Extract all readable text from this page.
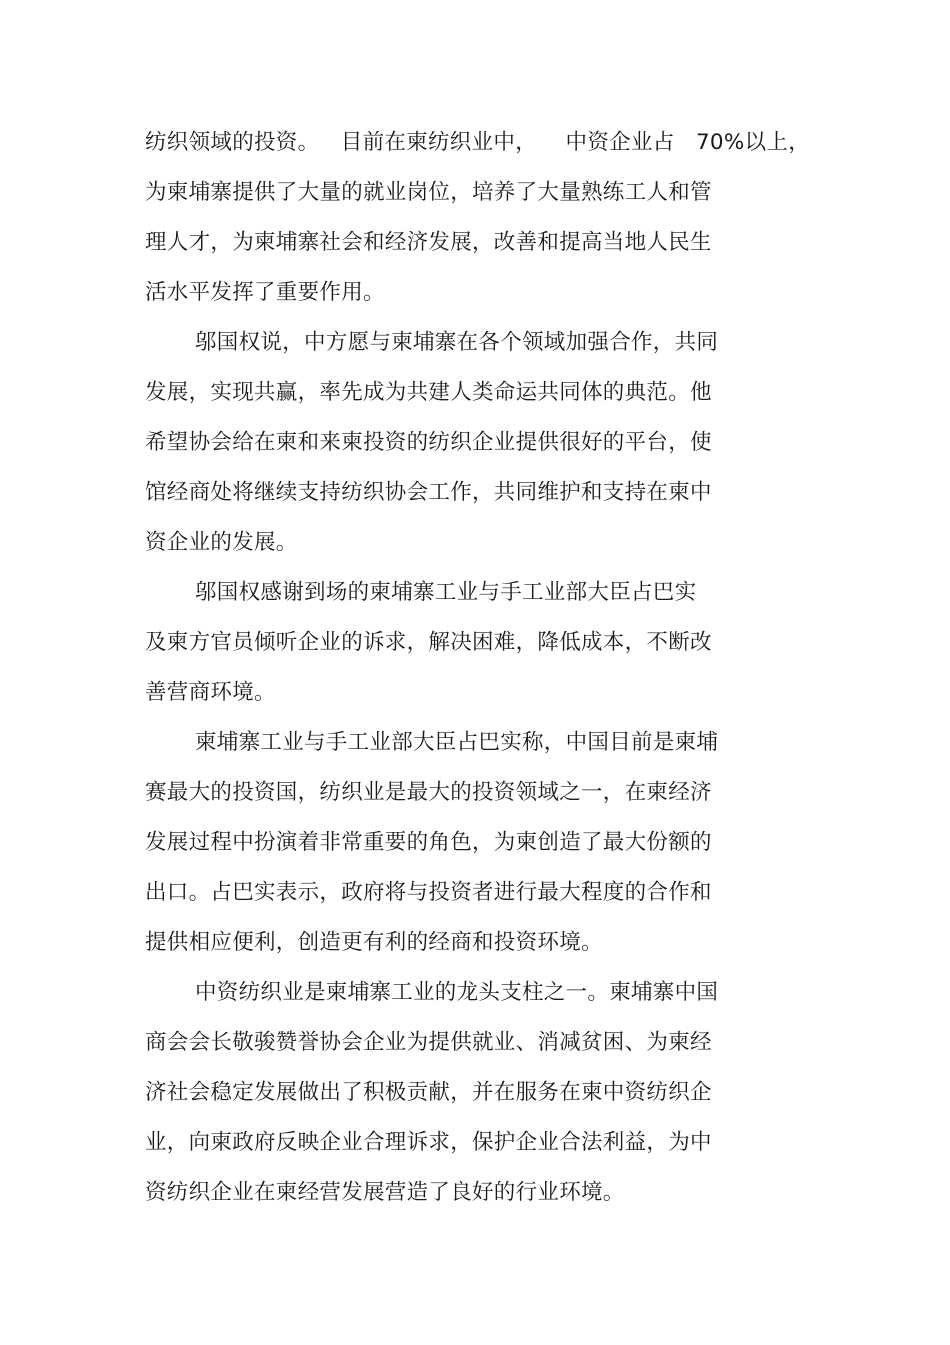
纺织领域的投资。   目前在柬纺织业中，    中资企业占   70%以上，
为柬埔寨提供了大量的就业岗位，培养了大量熟练工人和管
理人才，为柬埔寨社会和经济发展，改善和提高当地人民生
活水平发挥了重要作用。
邬国权说，中方愿与柬埔寨在各个领域加强合作，共同
发展，实现共赢，率先成为共建人类命运共同体的典范。他
希望协会给在柬和来柬投资的纺织企业提供很好的平台，使
馆经商处将继续支持纺织协会工作，共同维护和支持在柬中
资企业的发展。
邬国权感谢到场的柬埔寨工业与手工业部大臣占巴实
及柬方官员倾听企业的诉求，解决困难，降低成本，不断改
善营商环境。
柬埔寨工业与手工业部大臣占巴实称，中国目前是柬埔
赛最大的投资国，纺织业是最大的投资领域之一，在柬经济
发展过程中扮演着非常重要的角色，为柬创造了最大份额的
出口。占巴实表示，政府将与投资者进行最大程度的合作和
提供相应便利，创造更有利的经商和投资环境。
中资纺织业是柬埔寨工业的龙头支柱之一。柬埔寨中国
商会会长敬骏赞誉协会企业为提供就业、消减贫困、为柬经
济社会稳定发展做出了积极贡献，并在服务在柬中资纺织企
业，向柬政府反映企业合理诉求，保护企业合法利益，为中
资纺织企业在柬经营发展营造了良好的行业环境。
